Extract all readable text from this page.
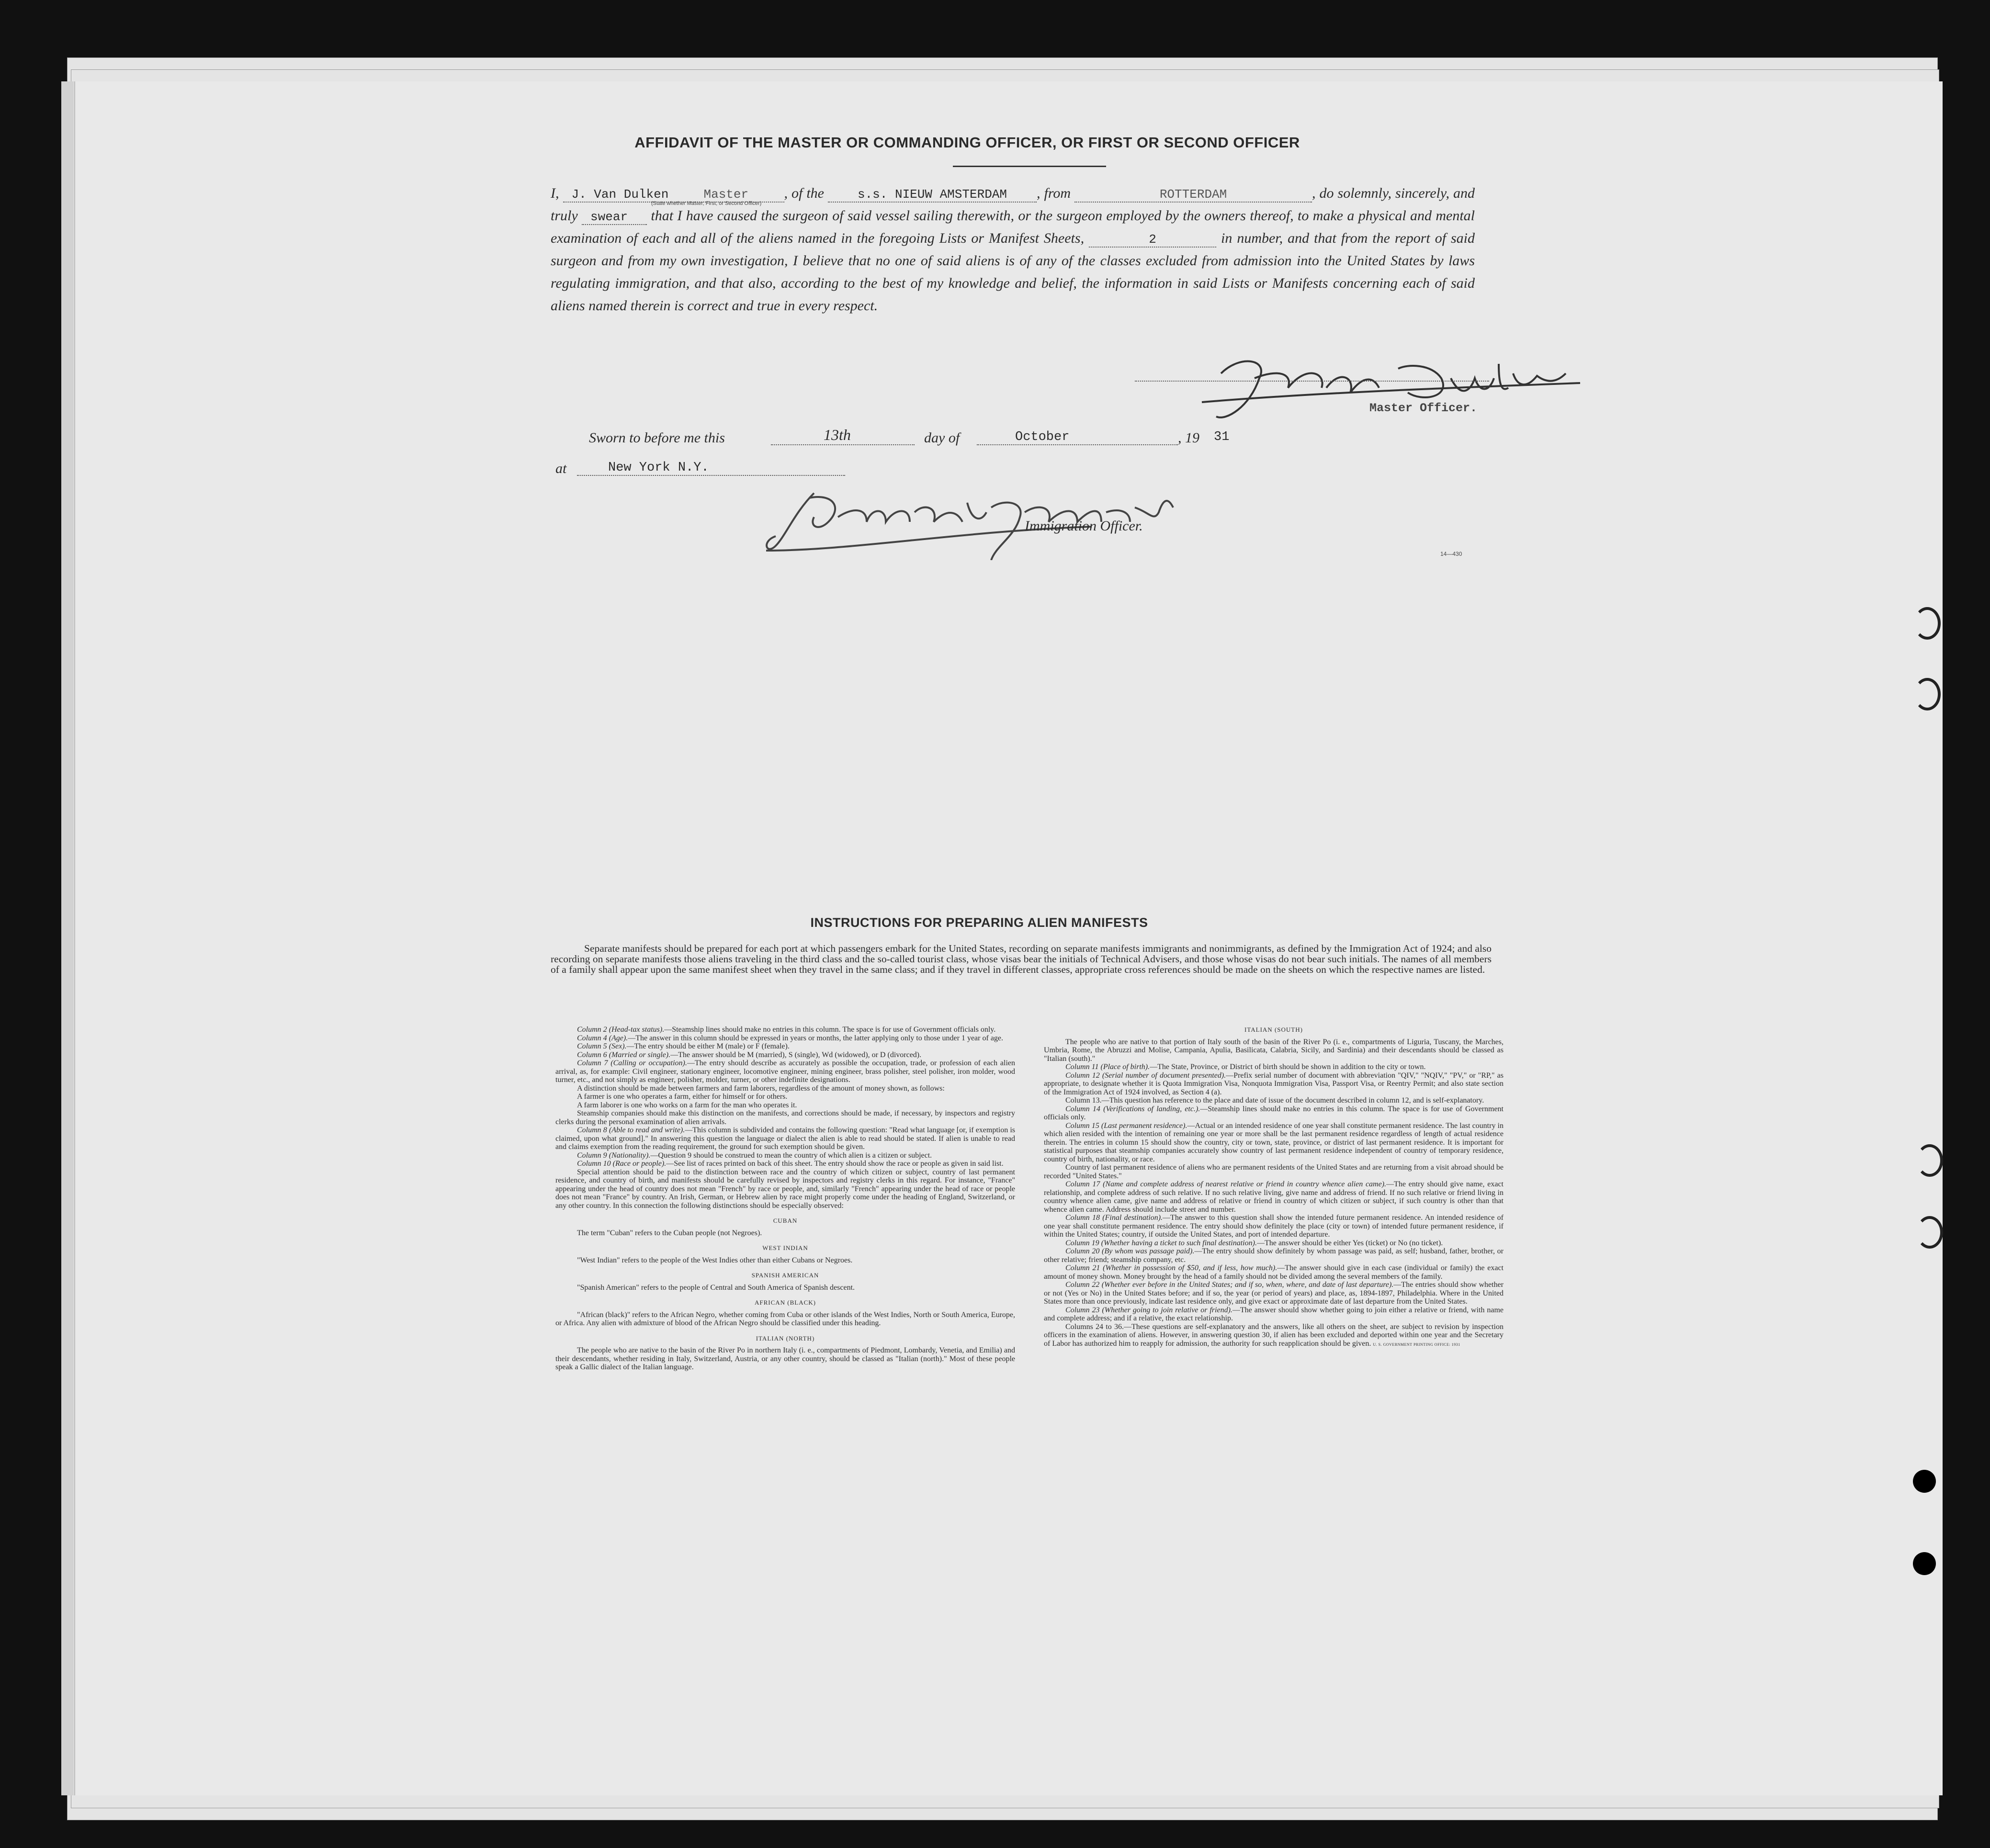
AFFIDAVIT OF THE MASTER OR COMMANDING OFFICER, OR FIRST OR SECOND OFFICER
I, J. Van Dulken	Master , of the	s.s. NIEUW AMSTERDAM , from	ROTTERDAM	, do solemnly, sincerely, and truly swear that I have caused the surgeon of said vessel sailing therewith, or the surgeon employed by the owners thereof, to make a physical and mental examination of each and all of the aliens named in the foregoing Lists or Manifest Sheets,	2	in number, and that from the report of said surgeon and from my own investigation, I believe that no one of said aliens is of any of the classes excluded from admission into the United States by laws regulating immigration, and that also, according to the best of my knowledge and belief, the information in said Lists or Manifests concerning each of said aliens named therein is correct and true in every respect.
(State whether Master, First, or Second Officer)
Master Officer.
Sworn to before me this	13th	day of	October	, 19 31
at	New York N.Y.
Immigration Officer.
14—430
INSTRUCTIONS FOR PREPARING ALIEN MANIFESTS
Separate manifests should be prepared for each port at which passengers embark for the United States, recording on separate manifests immigrants and nonimmigrants, as defined by the Immigration Act of 1924; and also recording on separate manifests those aliens traveling in the third class and the so-called tourist class, whose visas bear the initials of Technical Advisers, and those whose visas do not bear such initials. The names of all members of a family shall appear upon the same manifest sheet when they travel in the same class; and if they travel in different classes, appropriate cross references should be made on the sheets on which the respective names are listed.

Column 2 (Head-tax status).—Steamship lines should make no entries in this column. The space is for use of Government officials only.

Column 4 (Age).—The answer in this column should be expressed in years or months, the latter applying only to those under 1 year of age.

Column 5 (Sex).—The entry should be either M (male) or F (female).

Column 6 (Married or single).—The answer should be M (married), S (single), Wd (widowed), or D (divorced).

Column 7 (Calling or occupation).—The entry should describe as accurately as possible the occupation, trade, or profession of each alien arrival, as, for example: Civil engineer, stationary engineer, locomotive engineer, mining engineer, brass polisher, steel polisher, iron molder, wood turner, etc., and not simply as engineer, polisher, molder, turner, or other indefinite designations.

A distinction should be made between farmers and farm laborers, regardless of the amount of money shown, as follows:

A farmer is one who operates a farm, either for himself or for others.

A farm laborer is one who works on a farm for the man who operates it.

Steamship companies should make this distinction on the manifests, and corrections should be made, if necessary, by inspectors and registry clerks during the personal examination of alien arrivals.

Column 8 (Able to read and write).—This column is subdivided and contains the following question: "Read what language [or, if exemption is claimed, upon what ground]." In answering this question the language or dialect the alien is able to read should be stated. If alien is unable to read and claims exemption from the reading requirement, the ground for such exemption should be given.

Column 9 (Nationality).—Question 9 should be construed to mean the country of which alien is a citizen or subject.

Column 10 (Race or people).—See list of races printed on back of this sheet. The entry should show the race or people as given in said list.

Special attention should be paid to the distinction between race and the country of which citizen or subject, country of last permanent residence, and country of birth, and manifests should be carefully revised by inspectors and registry clerks in this regard. For instance, "France" appearing under the head of country does not mean "French" by race or people, and, similarly "French" appearing under the head of race or people does not mean "France" by country. An Irish, German, or Hebrew alien by race might properly come under the heading of England, Switzerland, or any other country. In this connection the following distinctions should be especially observed:

CUBAN

The term "Cuban" refers to the Cuban people (not Negroes).

WEST INDIAN

"West Indian" refers to the people of the West Indies other than either Cubans or Negroes.

SPANISH AMERICAN

"Spanish American" refers to the people of Central and South America of Spanish descent.

AFRICAN (BLACK)

"African (black)" refers to the African Negro, whether coming from Cuba or other islands of the West Indies, North or South America, Europe, or Africa. Any alien with admixture of blood of the African Negro should be classified under this heading.

ITALIAN (NORTH)

The people who are native to the basin of the River Po in northern Italy (i. e., compartments of Piedmont, Lombardy, Venetia, and Emilia) and their descendants, whether residing in Italy, Switzerland, Austria, or any other country, should be classed as "Italian (north)." Most of these people speak a Gallic dialect of the Italian language.

ITALIAN (SOUTH)

The people who are native to that portion of Italy south of the basin of the River Po (i. e., compartments of Liguria, Tuscany, the Marches, Umbria, Rome, the Abruzzi and Molise, Campania, Apulia, Basilicata, Calabria, Sicily, and Sardinia) and their descendants should be classed as "Italian (south)."

Column 11 (Place of birth).—The State, Province, or District of birth should be shown in addition to the city or town.

Column 12 (Serial number of document presented).—Prefix serial number of document with abbreviation "QIV," "NQIV," "PV," or "RP," as appropriate, to designate whether it is Quota Immigration Visa, Nonquota Immigration Visa, Passport Visa, or Reentry Permit; and also state section of the Immigration Act of 1924 involved, as Section 4 (a).

Column 13.—This question has reference to the place and date of issue of the document described in column 12, and is self-explanatory.

Column 14 (Verifications of landing, etc.).—Steamship lines should make no entries in this column. The space is for use of Government officials only.

Column 15 (Last permanent residence).—Actual or an intended residence of one year shall constitute permanent residence. The last country in which alien resided with the intention of remaining one year or more shall be the last permanent residence regardless of length of actual residence therein. The entries in column 15 should show the country, city or town, state, province, or district of last permanent residence. It is important for statistical purposes that steamship companies accurately show country of last permanent residence independent of country of temporary residence, country of birth, nationality, or race.

Country of last permanent residence of aliens who are permanent residents of the United States and are returning from a visit abroad should be recorded "United States."

Column 17 (Name and complete address of nearest relative or friend in country whence alien came).—The entry should give name, exact relationship, and complete address of such relative. If no such relative living, give name and address of friend. If no such relative or friend living in country whence alien came, give name and address of relative or friend in country of which citizen or subject, if such country is other than that whence alien came. Address should include street and number.

Column 18 (Final destination).—The answer to this question shall show the intended future permanent residence. An intended residence of one year shall constitute permanent residence. The entry should show definitely the place (city or town) of intended future permanent residence, if within the United States; country, if outside the United States, and port of intended departure.

Column 19 (Whether having a ticket to such final destination).—The answer should be either Yes (ticket) or No (no ticket).

Column 20 (By whom was passage paid).—The entry should show definitely by whom passage was paid, as self; husband, father, brother, or other relative; friend; steamship company, etc.

Column 21 (Whether in possession of $50, and if less, how much).—The answer should give in each case (individual or family) the exact amount of money shown. Money brought by the head of a family should not be divided among the several members of the family.

Column 22 (Whether ever before in the United States; and if so, when, where, and date of last departure).—The entries should show whether or not (Yes or No) in the United States before; and if so, the year (or period of years) and place, as, 1894-1897, Philadelphia. Where in the United States more than once previously, indicate last residence only, and give exact or approximate date of last departure from the United States.

Column 23 (Whether going to join relative or friend).—The answer should show whether going to join either a relative or friend, with name and complete address; and if a relative, the exact relationship.

Columns 24 to 36.—These questions are self-explanatory and the answers, like all others on the sheet, are subject to revision by inspection officers in the examination of aliens. However, in answering question 30, if alien has been excluded and deported within one year and the Secretary of Labor has authorized him to reapply for admission, the authority for such reapplication should be given. U. S. GOVERNMENT PRINTING OFFICE: 1931
